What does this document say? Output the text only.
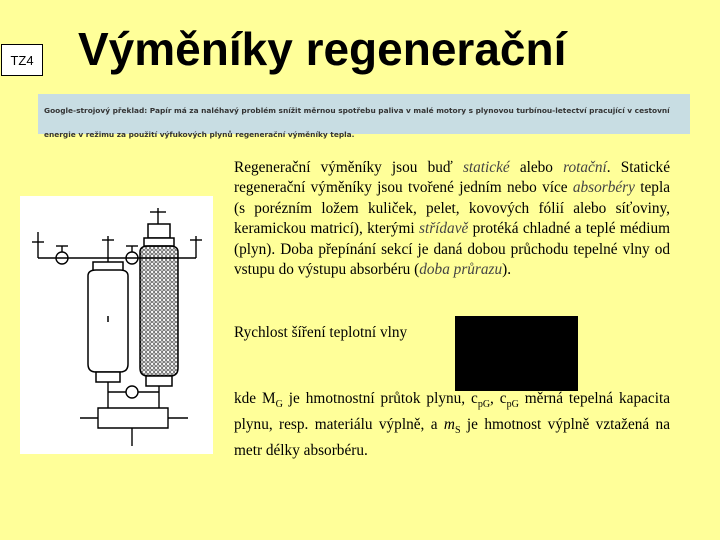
TZ4 Výměníky regenerační
Google-strojový překlad: Papír má za naléhavý problém snížit měrnou spotřebu paliva v malé motory s plynovou turbínou-letectví pracující v cestovní energie v režimu za použití výfukových plynů regenerační výměníky tepla.
Regenerační výměníky jsou buď statické alebo rotační. Statické regenerační výměníky jsou tvořené jedním nebo více absorbéry tepla (s porézním ložem kuliček, pelet, kovových fólií alebo síťoviny, keramickou matricí), kterými střídavě protéká chladné a teplé médium (plyn). Doba přepínání sekcí je daná dobou průchodu tepelné vlny od vstupu do výstupu absorbéru (doba průrazu).
Rychlost šíření teplotní vlny
kde $M_G$ je hmotnostní průtok plynu, $c_{pG}$, $c_{pG}$ měrná tepelná kapacita plynu, resp. materiálu výplně, a $m_S$ je hmotnost výplně vztažená na metr délky absorbéru.
